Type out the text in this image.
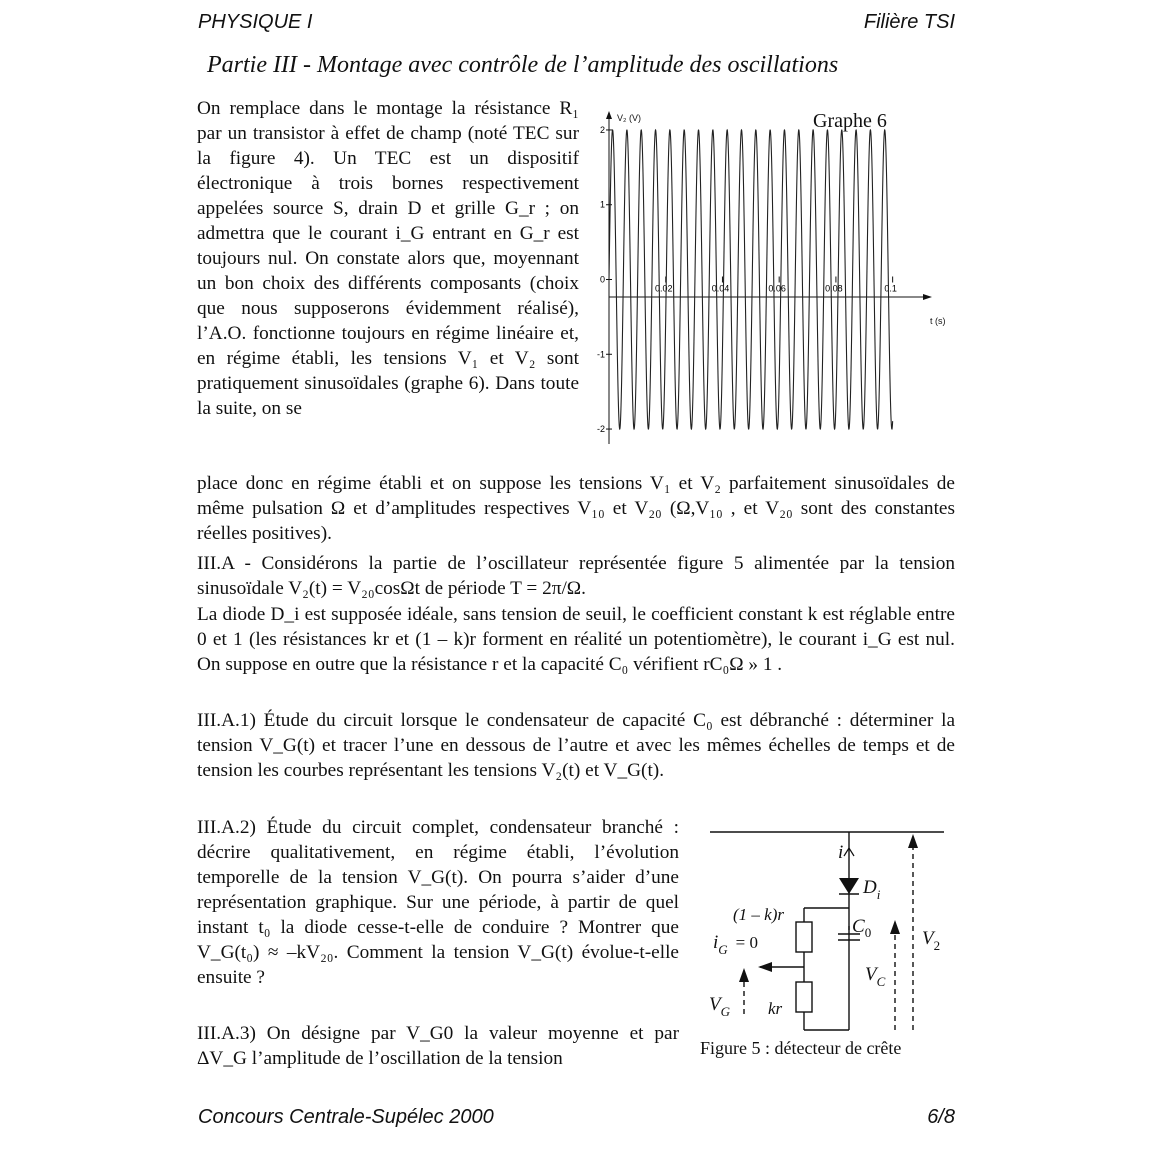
PHYSIQUE I	Filière TSI
Partie III - Montage avec contrôle de l’amplitude des oscillations

On remplace dans le montage la résistance R₁ par un transistor à effet de champ (noté TEC sur la figure 4). Un TEC est un dispositif électronique à trois bornes respectivement appelées source S, drain D et grille G_r ; on admettra que le courant i_G entrant en G_r est toujours nul. On constate alors que, moyennant un bon choix des différents composants (choix que nous supposerons évidemment réalisé), l’A.O. fonctionne toujours en régime linéaire et, en régime établi, les tensions V₁ et V₂ sont pratiquement sinusoïdales (graphe 6). Dans toute la suite, on se

place donc en régime établi et on suppose les tensions V₁ et V₂ parfaitement sinusoïdales de même pulsation Ω et d’amplitudes respectives V₁₀ et V₂₀ (Ω,V₁₀ , et V₂₀ sont des constantes réelles positives).

III.A - Considérons la partie de l’oscillateur représentée figure 5 alimentée par la tension sinusoïdale V₂(t) = V₂₀cosΩt de période T = 2π/Ω.

La diode D_i est supposée idéale, sans tension de seuil, le coefficient constant k est réglable entre 0 et 1 (les résistances kr et (1 – k)r forment en réalité un potentiomètre), le courant i_G est nul. On suppose en outre que la résistance r et la capacité C₀ vérifient rC₀Ω » 1 .

III.A.1) Étude du circuit lorsque le condensateur de capacité C₀ est débranché : déterminer la tension V_G(t) et tracer l’une en dessous de l’autre et avec les mêmes échelles de temps et de tension les courbes représentant les tensions V₂(t) et V_G(t).

III.A.2) Étude du circuit complet, condensateur branché : décrire qualitativement, en régime établi, l’évolution temporelle de la tension V_G(t). On pourra s’aider d’une représentation graphique. Sur une période, à partir de quel instant t₀ la diode cesse-t-elle de conduire ? Montrer que V_G(t₀) ≈ –kV₂₀. Comment la tension V_G(t) évolue-t-elle ensuite ?

III.A.3) On désigne par V_G0 la valeur moyenne et par ΔV_G l’amplitude de l’oscillation de la tension

Graphe 6
V₂ (V)
t (s)
0.02	0.04	0.06	0.08	0.1
2
1
0
-1
-2
i
$D_i$
$C_0$	$V_2$
$V_C$
(1 – k)r
kr
$i_G = 0$
$V_G$
Figure 5 : détecteur de crête
Concours Centrale-Supélec 2000	6/8
